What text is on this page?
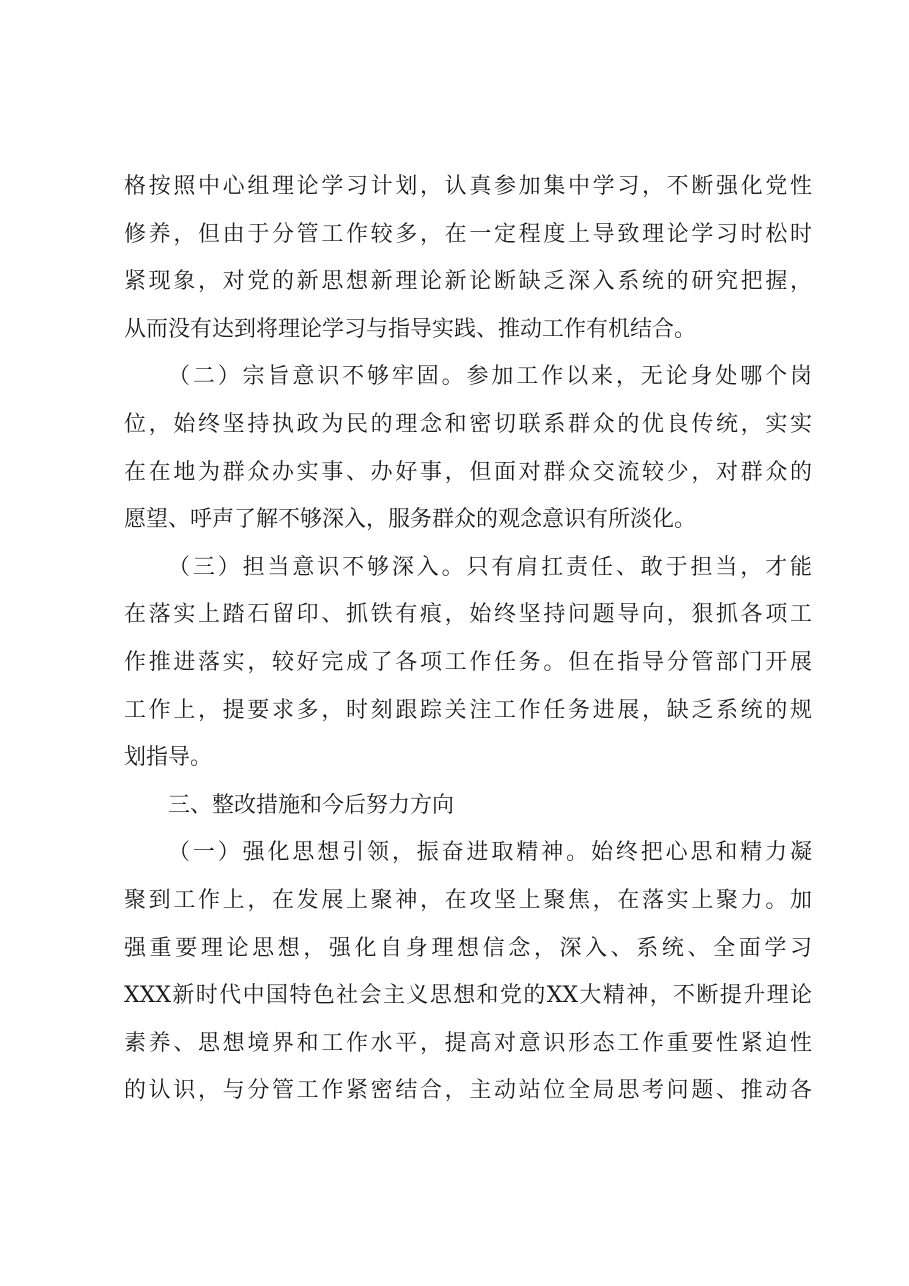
格按照中心组理论学习计划，认真参加集中学习，不断强化党性
修养，但由于分管工作较多，在一定程度上导致理论学习时松时
紧现象，对党的新思想新理论新论断缺乏深入系统的研究把握，
从而没有达到将理论学习与指导实践、推动工作有机结合。
（二）宗旨意识不够牢固。参加工作以来，无论身处哪个岗
位，始终坚持执政为民的理念和密切联系群众的优良传统，实实
在在地为群众办实事、办好事，但面对群众交流较少，对群众的
愿望、呼声了解不够深入，服务群众的观念意识有所淡化。
（三）担当意识不够深入。只有肩扛责任、敢于担当，才能
在落实上踏石留印、抓铁有痕，始终坚持问题导向，狠抓各项工
作推进落实，较好完成了各项工作任务。但在指导分管部门开展
工作上，提要求多，时刻跟踪关注工作任务进展，缺乏系统的规
划指导。
三、整改措施和今后努力方向
（一）强化思想引领，振奋进取精神。始终把心思和精力凝
聚到工作上，在发展上聚神，在攻坚上聚焦，在落实上聚力。加
强重要理论思想，强化自身理想信念，深入、系统、全面学习
XXX新时代中国特色社会主义思想和党的XX大精神，不断提升理论
素养、思想境界和工作水平，提高对意识形态工作重要性紧迫性
的认识，与分管工作紧密结合，主动站位全局思考问题、推动各
